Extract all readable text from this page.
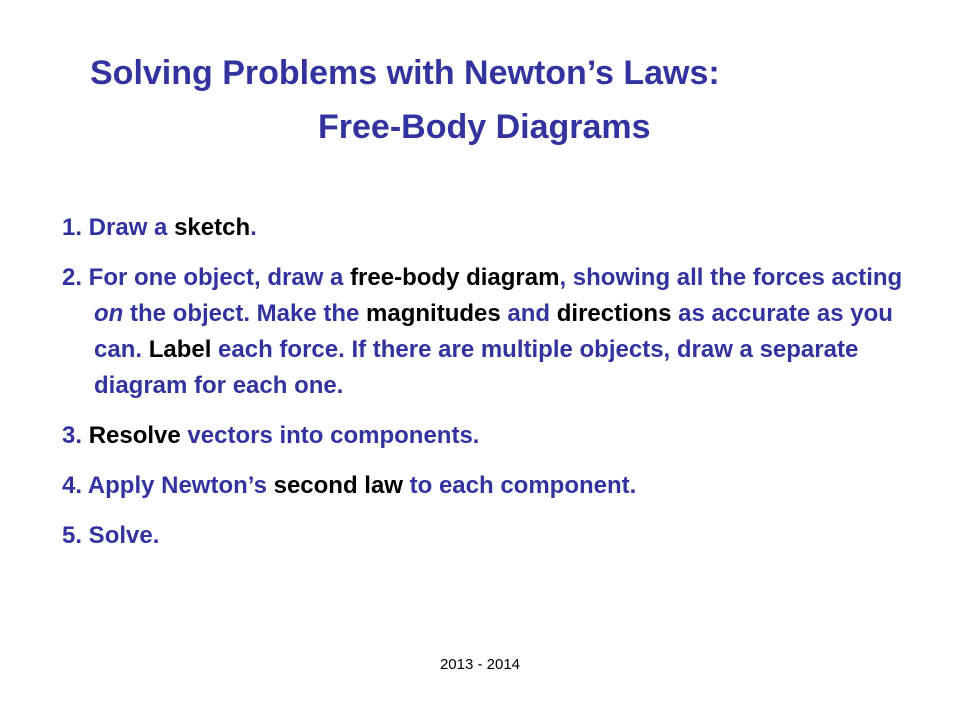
Solving Problems with Newton’s Laws:
Free-Body Diagrams
1. Draw a sketch.
2. For one object, draw a free-body diagram, showing all the forces acting on the object. Make the magnitudes and directions as accurate as you can. Label each force. If there are multiple objects, draw a separate diagram for each one.
3. Resolve vectors into components.
4. Apply Newton’s second law to each component.
5. Solve.
2013 - 2014
